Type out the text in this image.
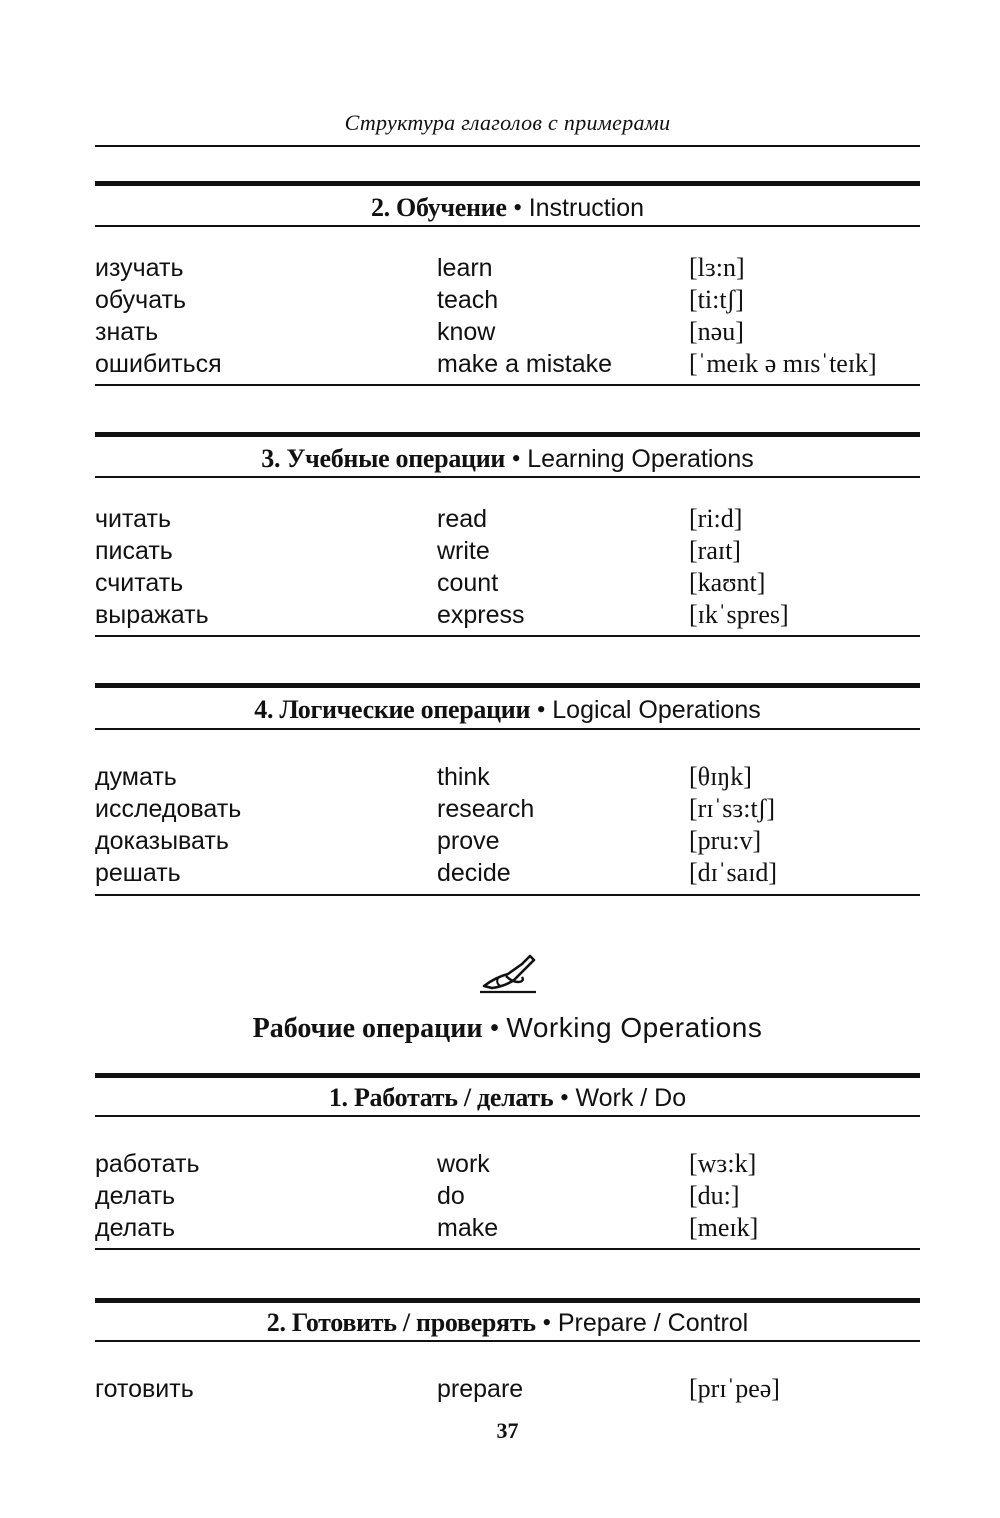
Структура глаголов с примерами
2. Обучение • Instruction
изучать	learn	[lɜ:n]
обучать	teach	[ti:tʃ]
знать	know	[nəu]
ошибиться	make a mistake	[ˈmeɪk ə mɪsˈteɪk]
3. Учебные операции • Learning Operations
читать	read	[ri:d]
писать	write	[raɪt]
считать	count	[kaʊnt]
выражать	express	[ɪkˈspres]
4. Логические операции • Logical Operations
думать	think	[θɪŋk]
исследовать	research	[rɪˈsɜ:tʃ]
доказывать	prove	[pru:v]
решать	decide	[dɪˈsaɪd]
Рабочие операции • Working Operations
1. Работать / делать • Work / Do
работать	work	[wɜ:k]
делать	do	[du:]
делать	make	[meɪk]
2. Готовить / проверять • Prepare / Control
готовить	prepare	[prɪˈpeə]
37
